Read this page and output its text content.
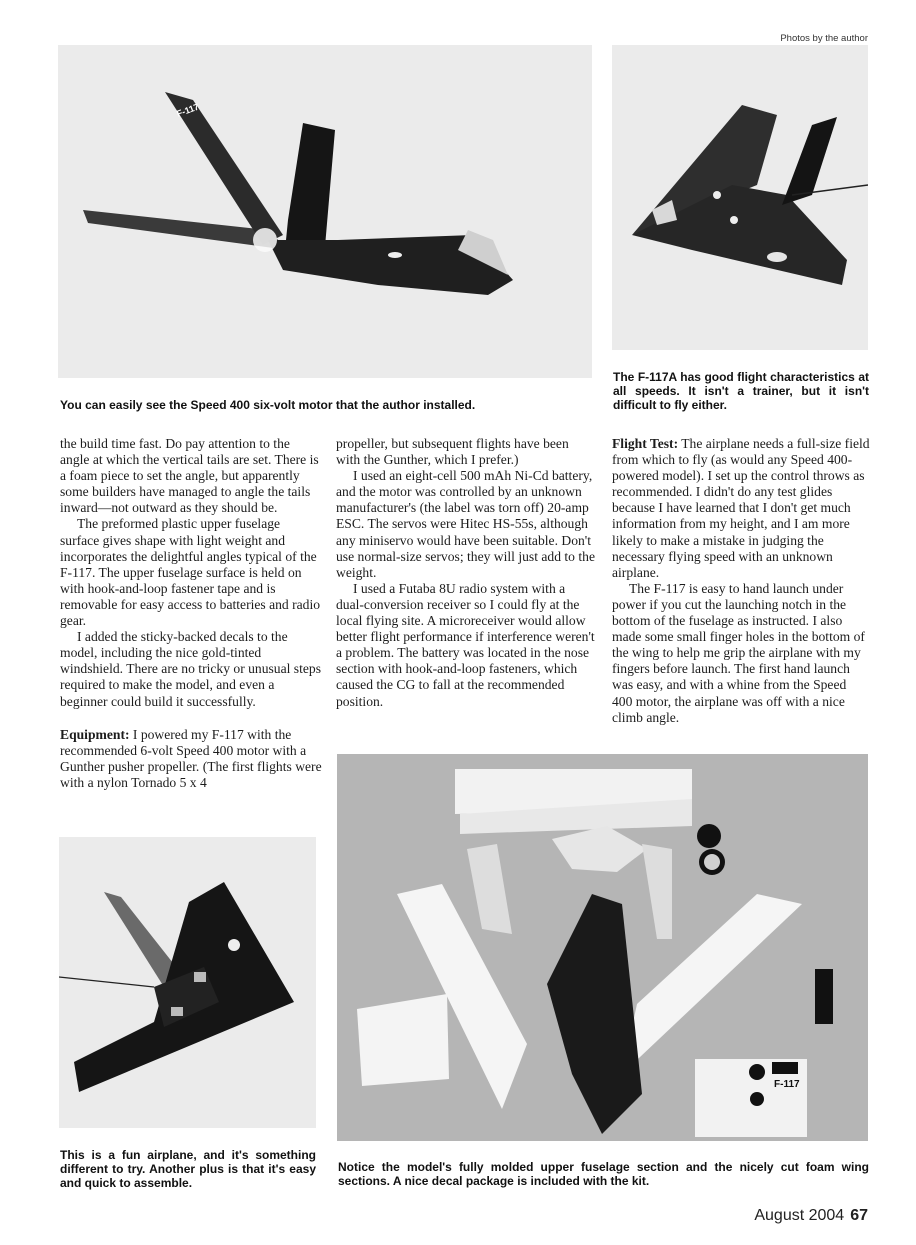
Photos by the author
F-117
You can easily see the Speed 400 six-volt motor that the author installed.
The F-117A has good flight characteristics at all speeds. It isn't a trainer, but it isn't difficult to fly either.

the build time fast. Do pay attention to the angle at which the vertical tails are set. There is a foam piece to set the angle, but apparently some builders have managed to angle the tails inward—not outward as they should be.

The preformed plastic upper fuselage surface gives shape with light weight and incorporates the delightful angles typical of the F-117. The upper fuselage surface is held on with hook-and-loop fastener tape and is removable for easy access to batteries and radio gear.

I added the sticky-backed decals to the model, including the nice gold-tinted windshield. There are no tricky or unusual steps required to make the model, and even a beginner could build it successfully.

Equipment: I powered my F-117 with the recommended 6-volt Speed 400 motor with a Gunther pusher propeller. (The first flights were with a nylon Tornado 5 x 4

propeller, but subsequent flights have been with the Gunther, which I prefer.)

I used an eight-cell 500 mAh Ni-Cd battery, and the motor was controlled by an unknown manufacturer's (the label was torn off) 20-amp ESC. The servos were Hitec HS-55s, although any miniservo would have been suitable. Don't use normal-size servos; they will just add to the weight.

I used a Futaba 8U radio system with a dual-conversion receiver so I could fly at the local flying site. A microreceiver would allow better flight performance if interference weren't a problem. The battery was located in the nose section with hook-and-loop fasteners, which caused the CG to fall at the recommended position.

Flight Test: The airplane needs a full-size field from which to fly (as would any Speed 400-powered model). I set up the control throws as recommended. I didn't do any test glides because I have learned that I don't get much information from my height, and I am more likely to make a mistake in judging the necessary flying speed with an unknown airplane.

The F-117 is easy to hand launch under power if you cut the launching notch in the bottom of the fuselage as instructed. I also made some small finger holes in the bottom of the wing to help me grip the airplane with my fingers before launch. The first hand launch was easy, and with a whine from the Speed 400 motor, the airplane was off with a nice climb angle.

F-117
This is a fun airplane, and it's something different to try. Another plus is that it's easy and quick to assemble.
Notice the model's fully molded upper fuselage section and the nicely cut foam wing sections. A nice decal package is included with the kit.
August 2004 67
